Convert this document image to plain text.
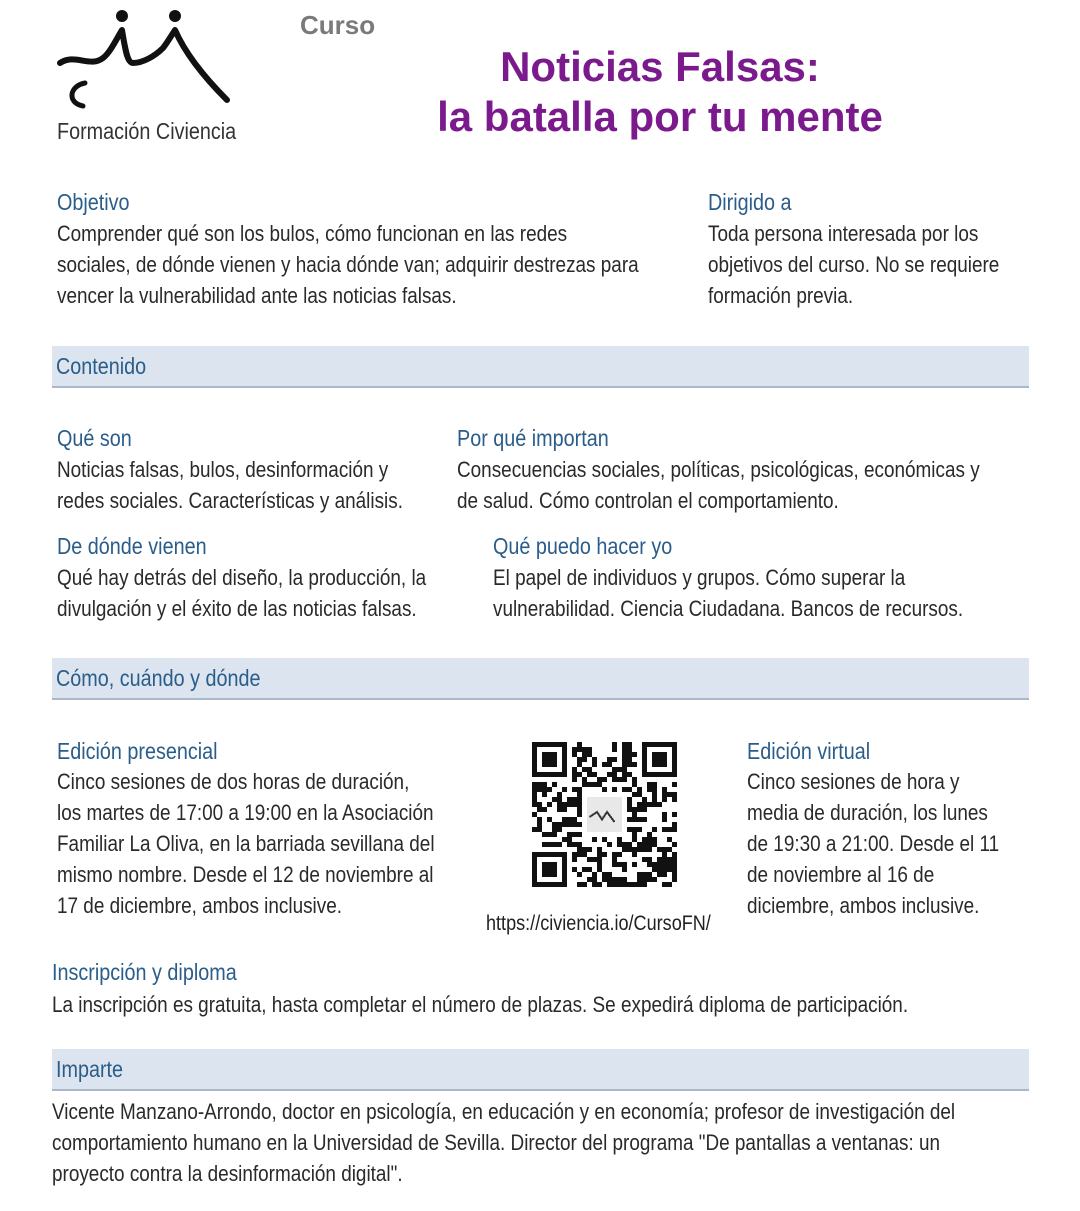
Formación Civiencia
Curso
Noticias Falsas:
la batalla por tu mente
Objetivo
Comprender qué son los bulos, cómo funcionan en las redes
sociales, de dónde vienen y hacia dónde van; adquirir destrezas para
vencer la vulnerabilidad ante las noticias falsas.
Dirigido a
Toda persona interesada por los
objetivos del curso. No se requiere
formación previa.
Contenido
Qué son
Noticias falsas, bulos, desinformación y
redes sociales. Características y análisis.
Por qué importan
Consecuencias sociales, políticas, psicológicas, económicas y
de salud. Cómo controlan el comportamiento.
De dónde vienen
Qué hay detrás del diseño, la producción, la
divulgación y el éxito de las noticias falsas.
Qué puedo hacer yo
El papel de individuos y grupos. Cómo superar la
vulnerabilidad. Ciencia Ciudadana. Bancos de recursos.
Cómo, cuándo y dónde
Edición presencial
Cinco sesiones de dos horas de duración,
los martes de 17:00 a 19:00 en la Asociación
Familiar La Oliva, en la barriada sevillana del
mismo nombre. Desde el 12 de noviembre al
17 de diciembre, ambos inclusive.
https://civiencia.io/CursoFN/
Edición virtual
Cinco sesiones de hora y
media de duración, los lunes
de 19:30 a 21:00. Desde el 11
de noviembre al 16 de
diciembre, ambos inclusive.
Inscripción y diploma
La inscripción es gratuita, hasta completar el número de plazas. Se expedirá diploma de participación.
Imparte
Vicente Manzano-Arrondo, doctor en psicología, en educación y en economía; profesor de investigación del
comportamiento humano en la Universidad de Sevilla. Director del programa "De pantallas a ventanas: un
proyecto contra la desinformación digital".
